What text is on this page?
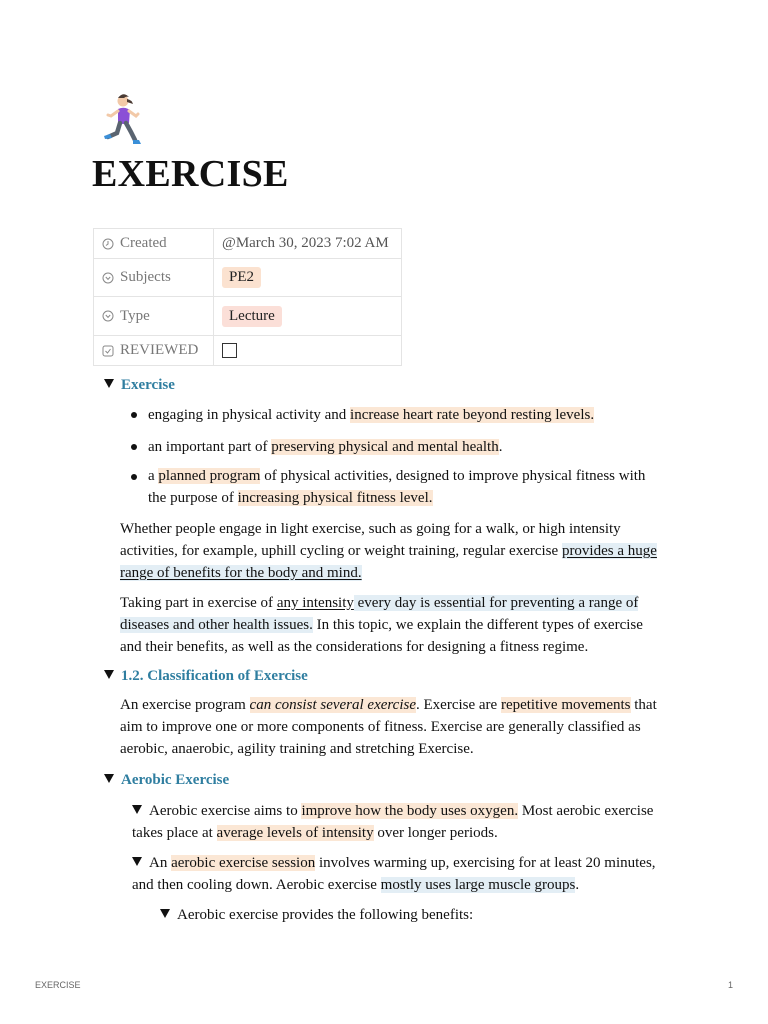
EXERCISE
Created	@March 30, 2023 7:02 AM

Subjects	PE2

Type	Lecture

REVIEWED	

Exercise
engaging in physical activity and increase heart rate beyond resting levels.
an important part of preserving physical and mental health.
a planned program of physical activities, designed to improve physical fitness with
the purpose of increasing physical fitness level.
Whether people engage in light exercise, such as going for a walk, or high intensity
activities, for example, uphill cycling or weight training, regular exercise provides a huge
range of benefits for the body and mind.
Taking part in exercise of any intensity every day is essential for preventing a range of
diseases and other health issues. In this topic, we explain the different types of exercise
and their benefits, as well as the considerations for designing a fitness regime.
1.2. Classification of Exercise
An exercise program can consist several exercise. Exercise are repetitive movements that
aim to improve one or more components of fitness. Exercise are generally classified as
aerobic, anaerobic, agility training and stretching Exercise.
Aerobic Exercise
Aerobic exercise aims to improve how the body uses oxygen. Most aerobic exercise
takes place at average levels of intensity over longer periods.
An aerobic exercise session involves warming up, exercising for at least 20 minutes,
and then cooling down. Aerobic exercise mostly uses large muscle groups.
Aerobic exercise provides the following benefits:
EXERCISE	1
